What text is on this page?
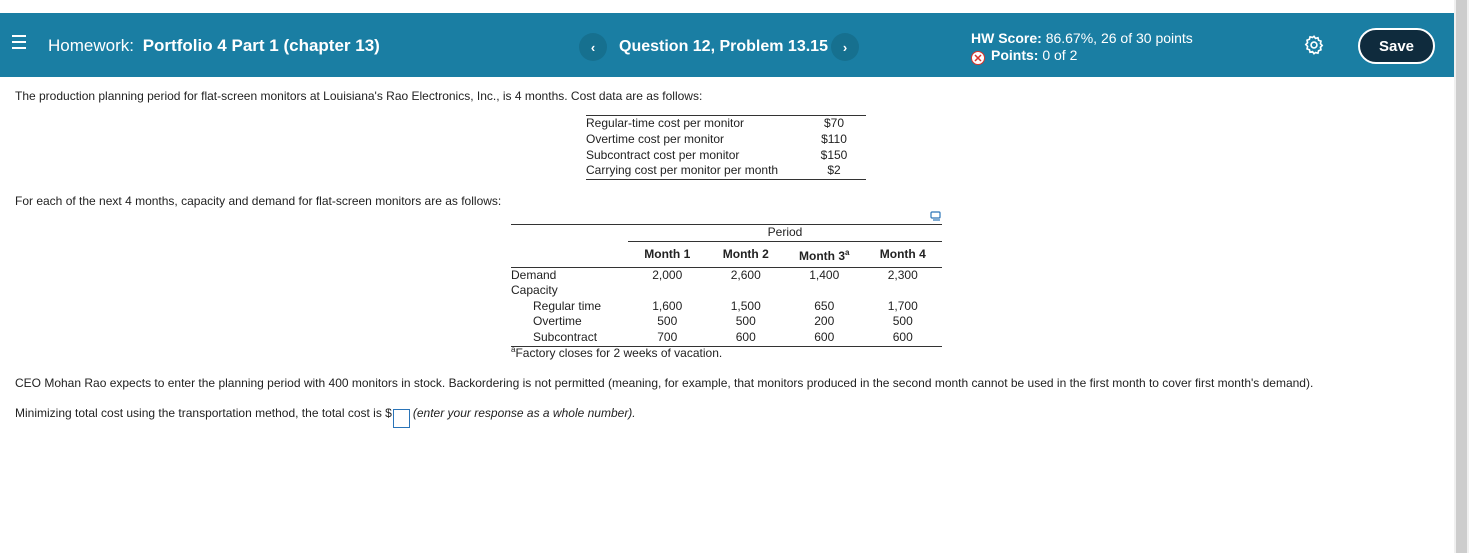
Homework: Portfolio 4 Part 1 (chapter 13)	‹	Question 12, Problem 13.15	›
HW Score: 86.67%, 26 of 30 points
✕ Points: 0 of 2
Save
The production planning period for flat-screen monitors at Louisiana's Rao Electronics, Inc., is 4 months. Cost data are as follows:
Regular-time cost per monitor	$70
Overtime cost per monitor	$110
Subcontract cost per monitor	$150
Carrying cost per monitor per month	$2
For each of the next 4 months, capacity and demand for flat-screen monitors are as follows:
	Period			
	Month 1	Month 2	Month 3$^a$	Month 4
Demand	2,000	2,600	1,400	2,300
Capacity				
Regular time	1,600	1,500	650	1,700
Overtime	500	500	200	500
Subcontract	700	600	600	600
$^a$Factory closes for 2 weeks of vacation.
CEO Mohan Rao expects to enter the planning period with 400 monitors in stock. Backordering is not permitted (meaning, for example, that monitors produced in the second month cannot be used in the first month to cover first month's demand).
Minimizing total cost using the transportation method, the total cost is $ (enter your response as a whole number).
